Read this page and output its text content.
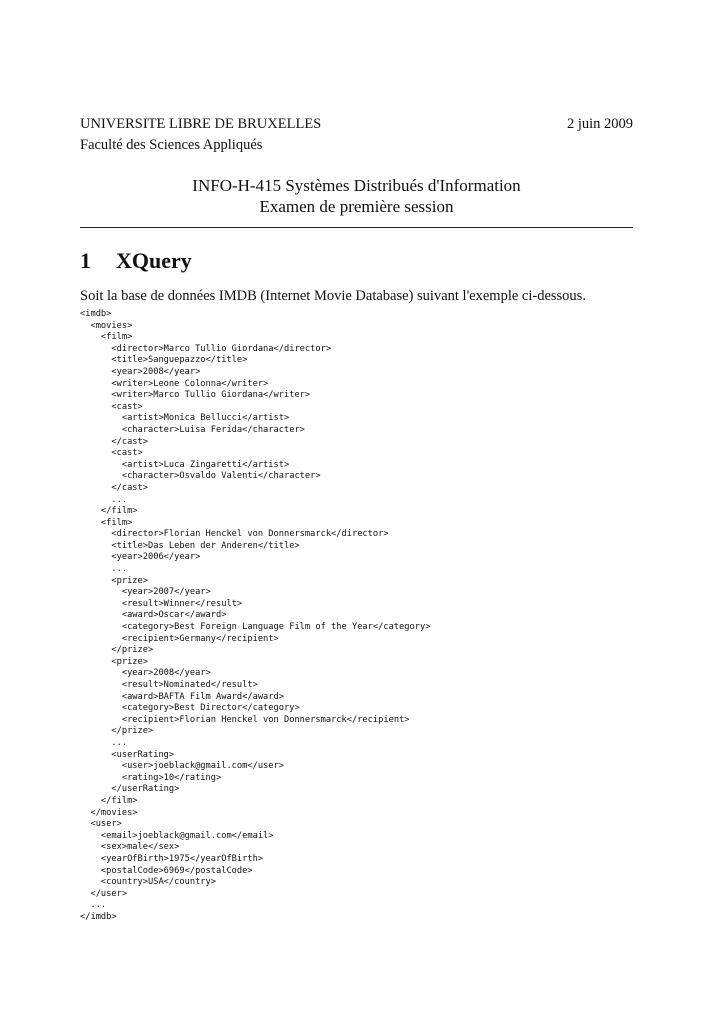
UNIVERSITE LIBRE DE BRUXELLES
Faculté des Sciences Appliqués
2 juin 2009
INFO-H-415 Systèmes Distribués d'Information
Examen de première session
1 XQuery
Soit la base de données IMDB (Internet Movie Database) suivant l'exemple ci-dessous.
<imdb>
<movies>
<film>
<director>Marco Tullio Giordana</director>
<title>Sanguepazzo</title>
<year>2008</year>
<writer>Leone Colonna</writer>
<writer>Marco Tullio Giordana</writer>
<cast>
<artist>Monica Bellucci</artist>
<character>Luisa Ferida</character>
</cast>
<cast>
<artist>Luca Zingaretti</artist>
<character>Osvaldo Valenti</character>
</cast>
...
</film>
<film>
<director>Florian Henckel von Donnersmarck</director>
<title>Das Leben der Anderen</title>
<year>2006</year>
...
<prize>
<year>2007</year>
<result>Winner</result>
<award>Oscar</award>
<category>Best Foreign Language Film of the Year</category>
<recipient>Germany</recipient>
</prize>
<prize>
<year>2008</year>
<result>Nominated</result>
<award>BAFTA Film Award</award>
<category>Best Director</category>
<recipient>Florian Henckel von Donnersmarck</recipient>
</prize>
...
<userRating>
<user>joeblack@gmail.com</user>
<rating>10</rating>
</userRating>
</film>
</movies>
<user>
<email>joeblack@gmail.com</email>
<sex>male</sex>
<yearOfBirth>1975</yearOfBirth>
<postalCode>6969</postalCode>
<country>USA</country>
</user>
...
</imdb>
